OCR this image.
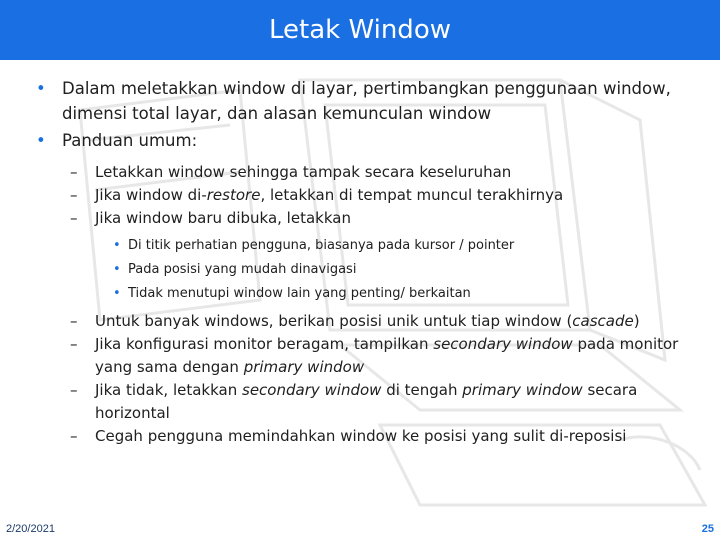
Letak Window
• Dalam meletakkan window di layar, pertimbangkan penggunaan window, dimensi total layar, dan alasan kemunculan window
• Panduan umum:
– Letakkan window sehingga tampak secara keseluruhan
– Jika window di-restore, letakkan di tempat muncul terakhirnya
– Jika window baru dibuka, letakkan
• Di titik perhatian pengguna, biasanya pada kursor / pointer
• Pada posisi yang mudah dinavigasi
• Tidak menutupi window lain yang penting/ berkaitan
– Untuk banyak windows, berikan posisi unik untuk tiap window (cascade)
– Jika konfigurasi monitor beragam, tampilkan secondary window pada monitor yang sama dengan primary window
– Jika tidak, letakkan secondary window di tengah primary window secara horizontal
– Cegah pengguna memindahkan window ke posisi yang sulit di-reposisi
2/20/2021	25
